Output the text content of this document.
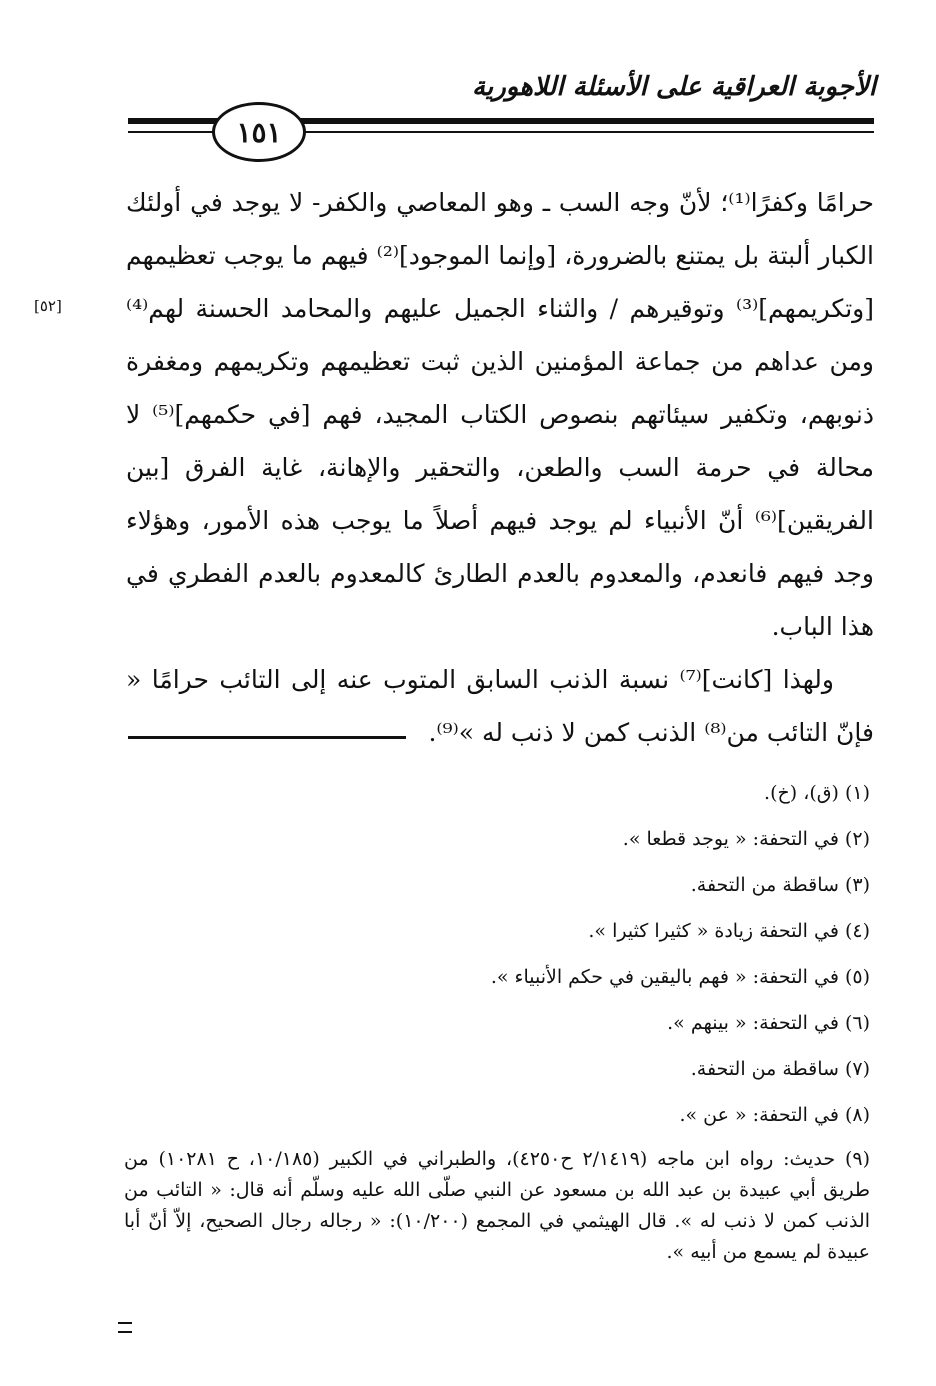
الأجوبة العراقية على الأسئلة اللاهورية
١٥١
[٥٢]

حرامًا وكفرًا⁽¹⁾؛ لأنّ وجه السب ـ وهو المعاصي والكفر- لا يوجد في أولئك الكبار ألبتة بل يمتنع بالضرورة، [وإنما الموجود]⁽²⁾ فيهم ما يوجب تعظيمهم [وتكريمهم]⁽³⁾ وتوقيرهم / والثناء الجميل عليهم والمحامد الحسنة لهم⁽⁴⁾ ومن عداهم من جماعة المؤمنين الذين ثبت تعظيمهم وتكريمهم ومغفرة ذنوبهم، وتكفير سيئاتهم بنصوص الكتاب المجيد، فهم [في حكمهم]⁽⁵⁾ لا محالة في حرمة السب والطعن، والتحقير والإهانة، غاية الفرق [بين الفريقين]⁽⁶⁾ أنّ الأنبياء لم يوجد فيهم أصلاً ما يوجب هذه الأمور، وهؤلاء وجد فيهم فانعدم، والمعدوم بالعدم الطارئ كالمعدوم بالعدم الفطري في هذا الباب.

ولهذا [كانت]⁽⁷⁾ نسبة الذنب السابق المتوب عنه إلى التائب حرامًا « فإنّ التائب من⁽⁸⁾ الذنب كمن لا ذنب له »⁽⁹⁾.

(١) (ق)، (خ).

(٢) في التحفة: « يوجد قطعا ».

(٣) ساقطة من التحفة.

(٤) في التحفة زيادة « كثيرا كثيرا ».

(٥) في التحفة: « فهم باليقين في حكم الأنبياء ».

(٦) في التحفة: « بينهم ».

(٧) ساقطة من التحفة.

(٨) في التحفة: « عن ».

(٩) حديث: رواه ابن ماجه (٢/١٤١٩ ح٤٢٥٠)، والطبراني في الكبير (١٠/١٨٥، ح ١٠٢٨١) من طريق أبي عبيدة بن عبد الله بن مسعود عن النبي صلّى الله عليه وسلّم أنه قال: « التائب من الذنب كمن لا ذنب له ». قال الهيثمي في المجمع (١٠/٢٠٠): « رجاله رجال الصحيح، إلاّ أنّ أبا عبيدة لم يسمع من أبيه ».
